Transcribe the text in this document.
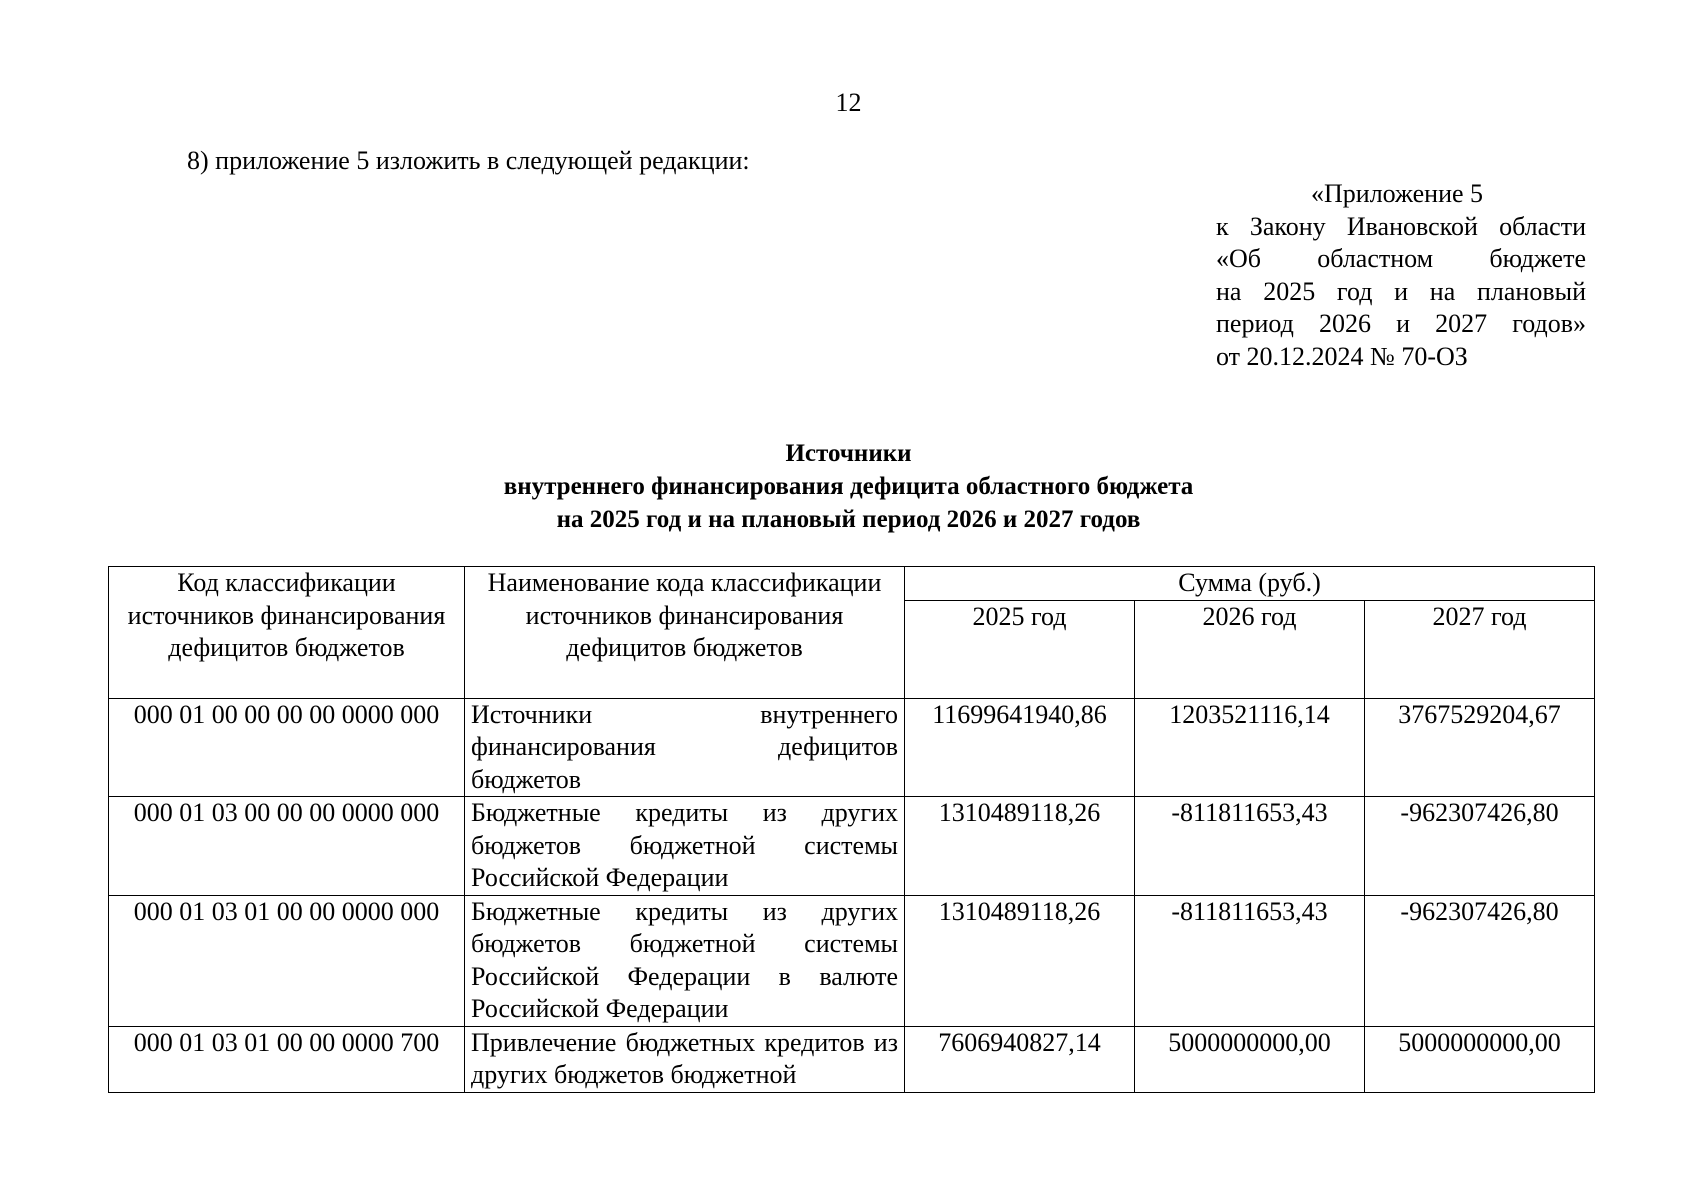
12
8) приложение 5 изложить в следующей редакции:
«Приложение 5
к Закону Ивановской области
«Об областном бюджете
на 2025 год и на плановый
период 2026 и 2027 годов»
от 20.12.2024 № 70-ОЗ
Источники
внутреннего финансирования дефицита областного бюджета
на 2025 год и на плановый период 2026 и 2027 годов
Код классификации источников финансирования дефицитов бюджетов	Наименование кода классификации источников финансирования дефицитов бюджетов	Сумма (руб.)		
		2025 год	2026 год	2027 год
000 01 00 00 00 00 0000 000	Источники внутреннего финансирования дефицитов бюджетов	11699641940,86	1203521116,14	3767529204,67
000 01 03 00 00 00 0000 000	Бюджетные кредиты из других бюджетов бюджетной системы Российской Федерации	1310489118,26	-811811653,43	-962307426,80
000 01 03 01 00 00 0000 000	Бюджетные кредиты из других бюджетов бюджетной системы Российской Федерации в валюте Российской Федерации	1310489118,26	-811811653,43	-962307426,80
000 01 03 01 00 00 0000 700	Привлечение бюджетных кредитов из других бюджетов бюджетной	7606940827,14	5000000000,00	5000000000,00
